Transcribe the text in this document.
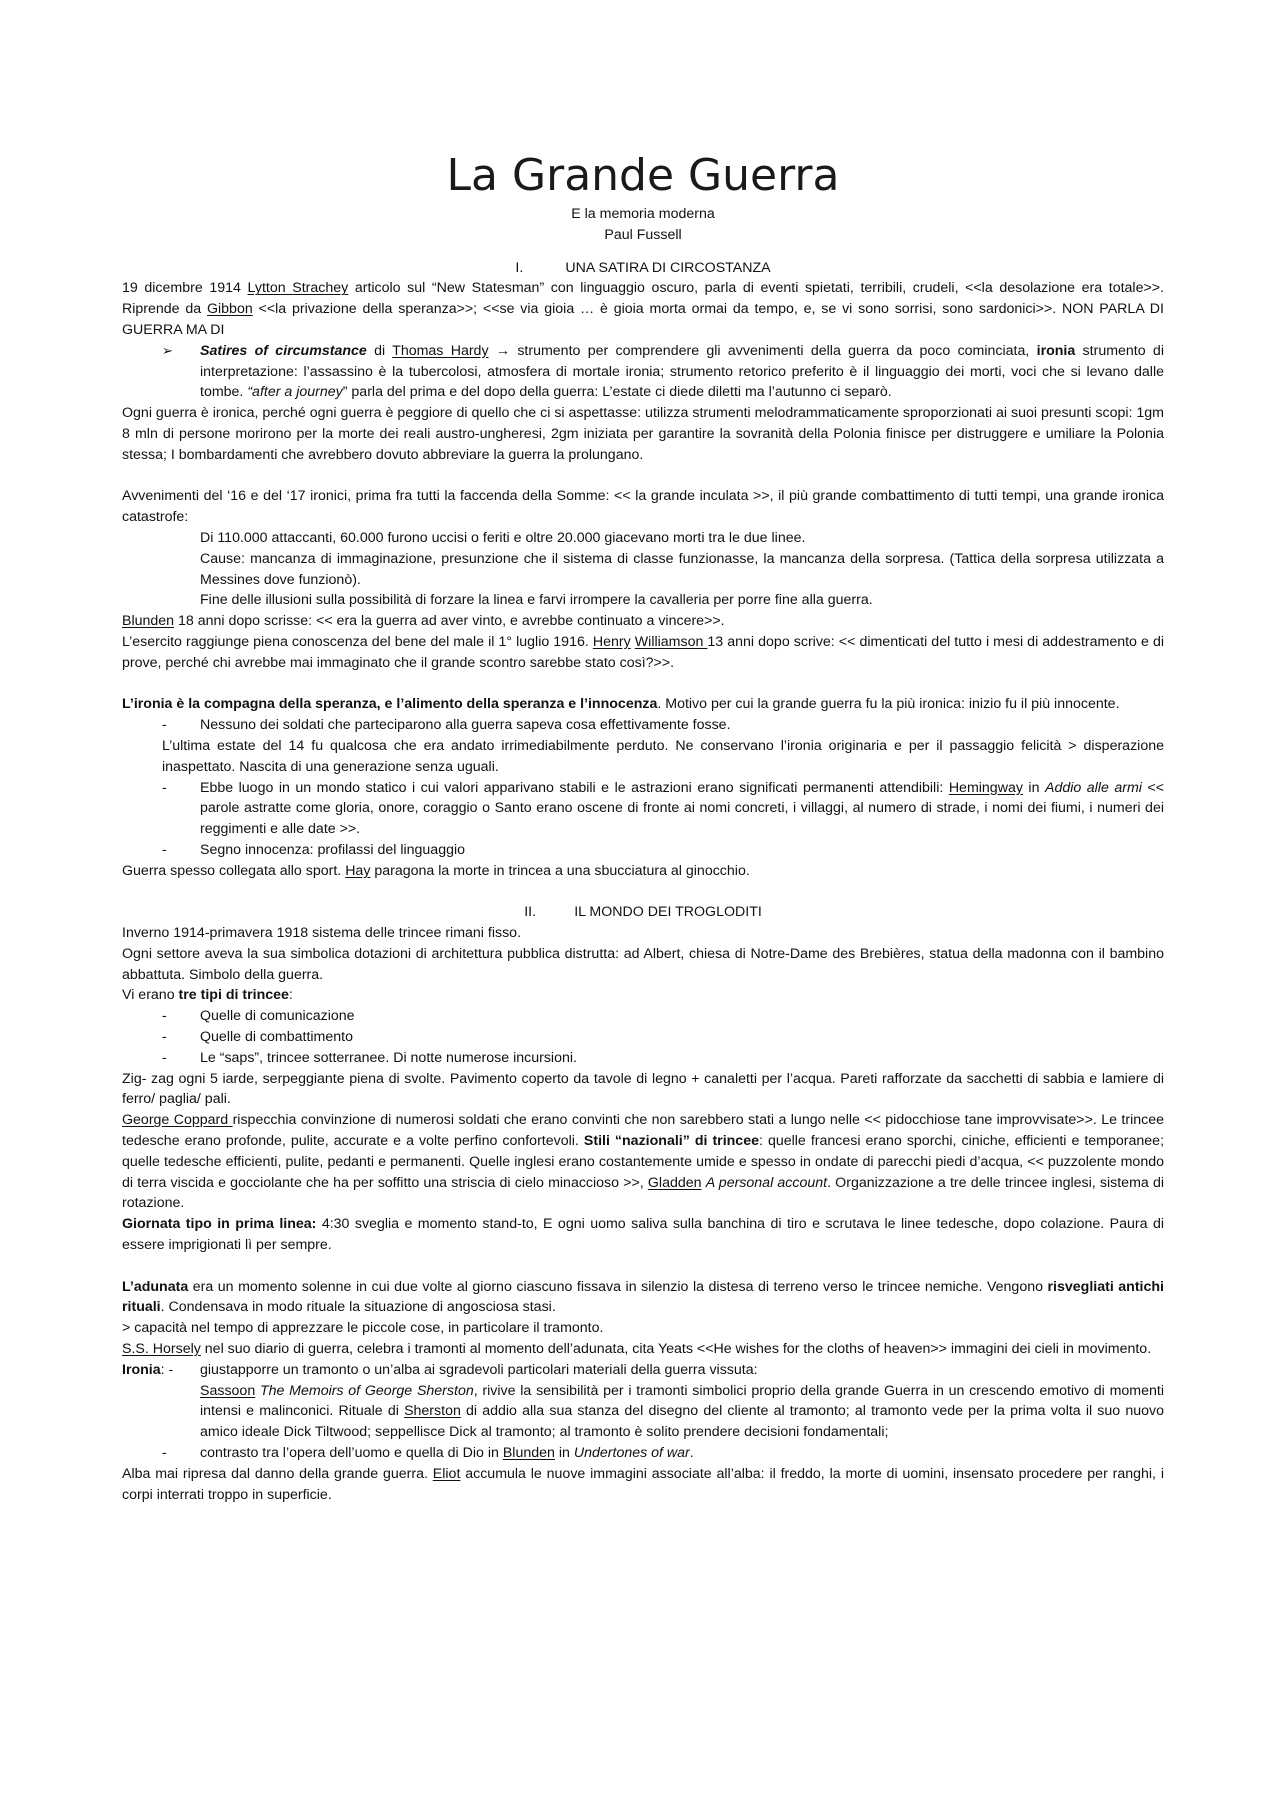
La Grande Guerra
E la memoria moderna
Paul Fussell
I.	UNA SATIRA DI CIRCOSTANZA

19 dicembre 1914 Lytton Strachey articolo sul “New Statesman” con linguaggio oscuro, parla di eventi spietati, terribili, crudeli, <<la desolazione era totale>>. Riprende da Gibbon <<la privazione della speranza>>; <<se via gioia … è gioia morta ormai da tempo, e, se vi sono sorrisi, sono sardonici>>. NON PARLA DI GUERRA MA DI

➢ Satires of circumstance di Thomas Hardy → strumento per comprendere gli avvenimenti della guerra da poco cominciata, ironia strumento di interpretazione: l’assassino è la tubercolosi, atmosfera di mortale ironia; strumento retorico preferito è il linguaggio dei morti, voci che si levano dalle tombe. “after a journey” parla del prima e del dopo della guerra: L’estate ci diede diletti ma l’autunno ci separò.

Ogni guerra è ironica, perché ogni guerra è peggiore di quello che ci si aspettasse: utilizza strumenti melodrammaticamente sproporzionati ai suoi presunti scopi: 1gm 8 mln di persone morirono per la morte dei reali austro-ungheresi, 2gm iniziata per garantire la sovranità della Polonia finisce per distruggere e umiliare la Polonia stessa; I bombardamenti che avrebbero dovuto abbreviare la guerra la prolungano.

Avvenimenti del ‘16 e del ‘17 ironici, prima fra tutti la faccenda della Somme: << la grande inculata >>, il più grande combattimento di tutti tempi, una grande ironica catastrofe:

Di 110.000 attaccanti, 60.000 furono uccisi o feriti e oltre 20.000 giacevano morti tra le due linee.
Cause: mancanza di immaginazione, presunzione che il sistema di classe funzionasse, la mancanza della sorpresa. (Tattica della sorpresa utilizzata a Messines dove funzionò).
Fine delle illusioni sulla possibilità di forzare la linea e farvi irrompere la cavalleria per porre fine alla guerra.

Blunden 18 anni dopo scrisse: << era la guerra ad aver vinto, e avrebbe continuato a vincere>>.

L’esercito raggiunge piena conoscenza del bene del male il 1° luglio 1916. Henry Williamson 13 anni dopo scrive: << dimenticati del tutto i mesi di addestramento e di prove, perché chi avrebbe mai immaginato che il grande scontro sarebbe stato così?>>.

L’ironia è la compagna della speranza, e l’alimento della speranza e l’innocenza. Motivo per cui la grande guerra fu la più ironica: inizio fu il più innocente.

- Nessuno dei soldati che parteciparono alla guerra sapeva cosa effettivamente fosse.
L’ultima estate del 14 fu qualcosa che era andato irrimediabilmente perduto. Ne conservano l’ironia originaria e per il passaggio felicità > disperazione inaspettato. Nascita di una generazione senza uguali.
- Ebbe luogo in un mondo statico i cui valori apparivano stabili e le astrazioni erano significati permanenti attendibili: Hemingway in Addio alle armi << parole astratte come gloria, onore, coraggio o Santo erano oscene di fronte ai nomi concreti, i villaggi, al numero di strade, i nomi dei fiumi, i numeri dei reggimenti e alle date >>.
- Segno innocenza: profilassi del linguaggio

Guerra spesso collegata allo sport. Hay paragona la morte in trincea a una sbucciatura al ginocchio.

II.	IL MONDO DEI TROGLODITI

Inverno 1914-primavera 1918 sistema delle trincee rimani fisso.

Ogni settore aveva la sua simbolica dotazioni di architettura pubblica distrutta: ad Albert, chiesa di Notre-Dame des Brebières, statua della madonna con il bambino abbattuta. Simbolo della guerra.

Vi erano tre tipi di trincee:

- Quelle di comunicazione
- Quelle di combattimento
- Le “saps”, trincee sotterranee. Di notte numerose incursioni.

Zig- zag ogni 5 iarde, serpeggiante piena di svolte. Pavimento coperto da tavole di legno + canaletti per l’acqua. Pareti rafforzate da sacchetti di sabbia e lamiere di ferro/ paglia/ pali.

George Coppard rispecchia convinzione di numerosi soldati che erano convinti che non sarebbero stati a lungo nelle << pidocchiose tane improvvisate>>. Le trincee tedesche erano profonde, pulite, accurate e a volte perfino confortevoli. Stili “nazionali” di trincee: quelle francesi erano sporchi, ciniche, efficienti e temporanee; quelle tedesche efficienti, pulite, pedanti e permanenti. Quelle inglesi erano costantemente umide e spesso in ondate di parecchi piedi d’acqua, << puzzolente mondo di terra viscida e gocciolante che ha per soffitto una striscia di cielo minaccioso >>, Gladden A personal account. Organizzazione a tre delle trincee inglesi, sistema di rotazione.

Giornata tipo in prima linea: 4:30 sveglia e momento stand-to, E ogni uomo saliva sulla banchina di tiro e scrutava le linee tedesche, dopo colazione. Paura di essere imprigionati lì per sempre.

L’adunata era un momento solenne in cui due volte al giorno ciascuno fissava in silenzio la distesa di terreno verso le trincee nemiche. Vengono risvegliati antichi rituali. Condensava in modo rituale la situazione di angosciosa stasi.

> capacità nel tempo di apprezzare le piccole cose, in particolare il tramonto.

S.S. Horsely nel suo diario di guerra, celebra i tramonti al momento dell’adunata, cita Yeats <<He wishes for the cloths of heaven>> immagini dei cieli in movimento.

Ironia: - giustapporre un tramonto o un’alba ai sgradevoli particolari materiali della guerra vissuta:
Sassoon The Memoirs of George Sherston, rivive la sensibilità per i tramonti simbolici proprio della grande Guerra in un crescendo emotivo di momenti intensi e malinconici. Rituale di Sherston di addio alla sua stanza del disegno del cliente al tramonto; al tramonto vede per la prima volta il suo nuovo amico ideale Dick Tiltwood; seppellisce Dick al tramonto; al tramonto è solito prendere decisioni fondamentali;
- contrasto tra l’opera dell’uomo e quella di Dio in Blunden in Undertones of war.

Alba mai ripresa dal danno della grande guerra. Eliot accumula le nuove immagini associate all’alba: il freddo, la morte di uomini, insensato procedere per ranghi, i corpi interrati troppo in superficie.
